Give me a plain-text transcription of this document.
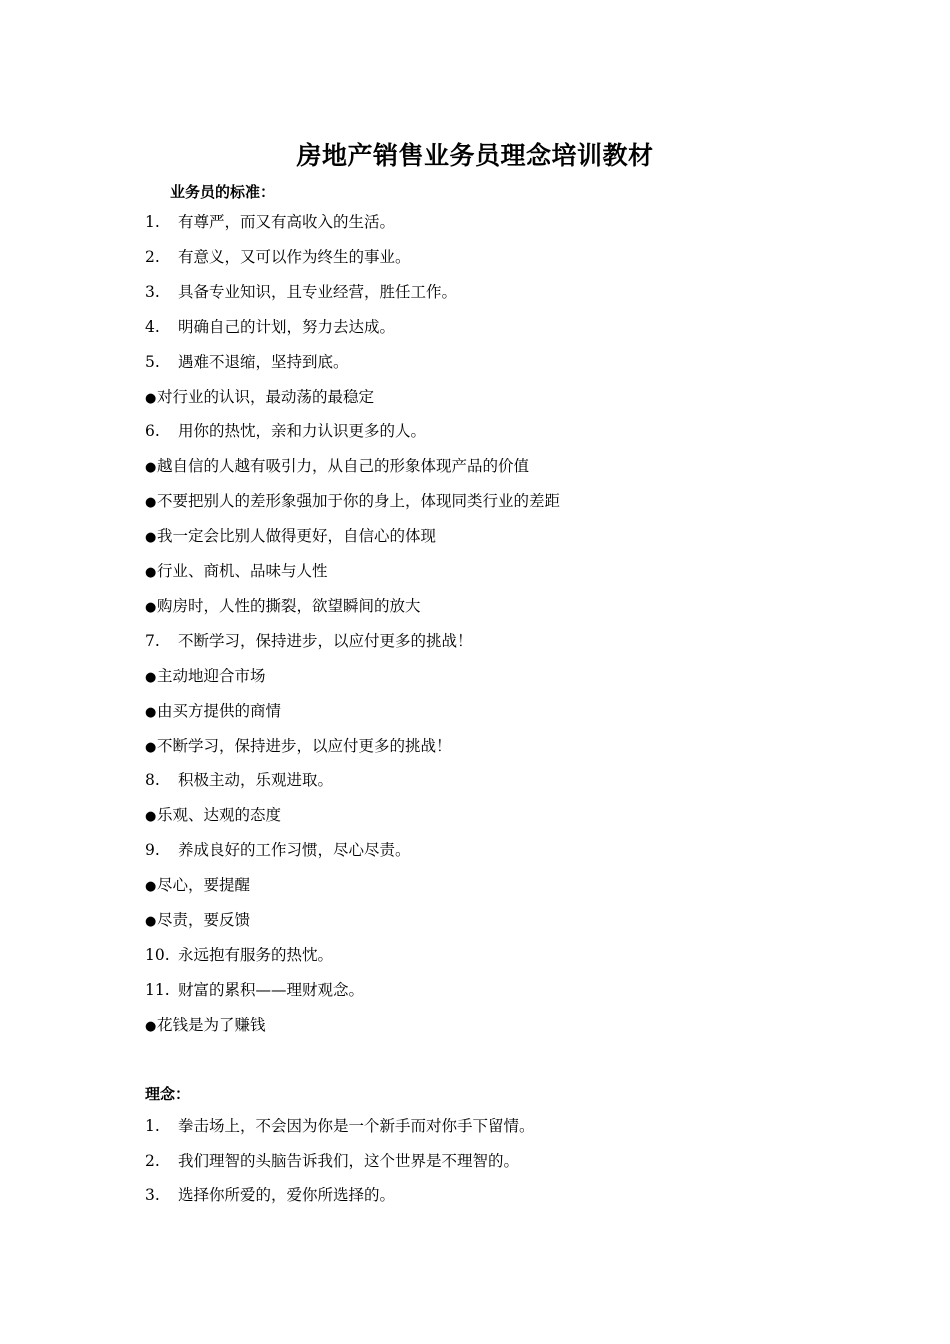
房地产销售业务员理念培训教材
业务员的标准：
1. 有尊严，而又有高收入的生活。
2. 有意义，又可以作为终生的事业。
3. 具备专业知识，且专业经营，胜任工作。
4. 明确自己的计划，努力去达成。
5. 遇难不退缩，坚持到底。
●对行业的认识，最动荡的最稳定
6. 用你的热忱，亲和力认识更多的人。
●越自信的人越有吸引力，从自己的形象体现产品的价值
●不要把别人的差形象强加于你的身上，体现同类行业的差距
●我一定会比别人做得更好，自信心的体现
●行业、商机、品味与人性
●购房时，人性的撕裂，欲望瞬间的放大
7. 不断学习，保持进步，以应付更多的挑战！
●主动地迎合市场
●由买方提供的商情
●不断学习，保持进步，以应付更多的挑战！
8. 积极主动，乐观进取。
●乐观、达观的态度
9. 养成良好的工作习惯，尽心尽责。
●尽心，要提醒
●尽责，要反馈
10. 永远抱有服务的热忱。
11. 财富的累积——理财观念。
●花钱是为了赚钱
理念：
1. 拳击场上，不会因为你是一个新手而对你手下留情。
2. 我们理智的头脑告诉我们，这个世界是不理智的。
3. 选择你所爱的，爱你所选择的。
